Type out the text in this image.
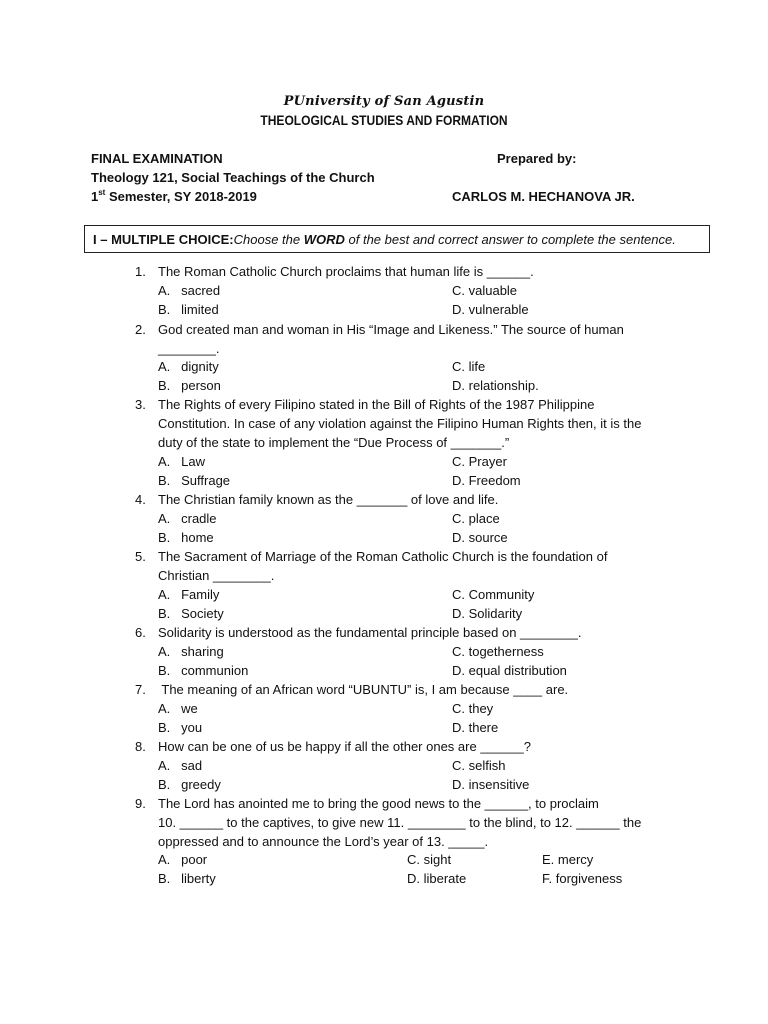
PUniversity of San Agustin
THEOLOGICAL STUDIES AND FORMATION
FINAL EXAMINATION
Theology 121, Social Teachings of the Church
1st Semester, SY 2018-2019
Prepared by:
CARLOS M. HECHANOVA JR.
I – MULTIPLE CHOICE:Choose the WORD of the best and correct answer to complete the sentence.
1. The Roman Catholic Church proclaims that human life is ______.
A.   sacred	C. valuable
B.   limited	D. vulnerable
2. God created man and woman in His “Image and Likeness.” The source of human
________.
A.   dignity	C. life
B.   person	D. relationship.
3. The Rights of every Filipino stated in the Bill of Rights of the 1987 Philippine
Constitution. In case of any violation against the Filipino Human Rights then, it is the
duty of the state to implement the “Due Process of _______.”
A.   Law	C. Prayer
B.   Suffrage	D. Freedom
4. The Christian family known as the _______ of love and life.
A.   cradle	C. place
B.   home	D. source
5. The Sacrament of Marriage of the Roman Catholic Church is the foundation of
Christian ________.
A.   Family	C. Community
B.   Society	D. Solidarity
6. Solidarity is understood as the fundamental principle based on ________.
A.   sharing	C. togetherness
B.   communion	D. equal distribution
7. The meaning of an African word “UBUNTU” is, I am because ____ are.
A.   we	C. they
B.   you	D. there
8. How can be one of us be happy if all the other ones are ______?
A.   sad	C. selfish
B.   greedy	D. insensitive
9. The Lord has anointed me to bring the good news to the ______, to proclaim
10. ______ to the captives, to give new 11. ________ to the blind, to 12. ______ the
oppressed and to announce the Lord’s year of 13. _____.
A.   poor	C. sight	E. mercy
B.   liberty	D. liberate	F. forgiveness
